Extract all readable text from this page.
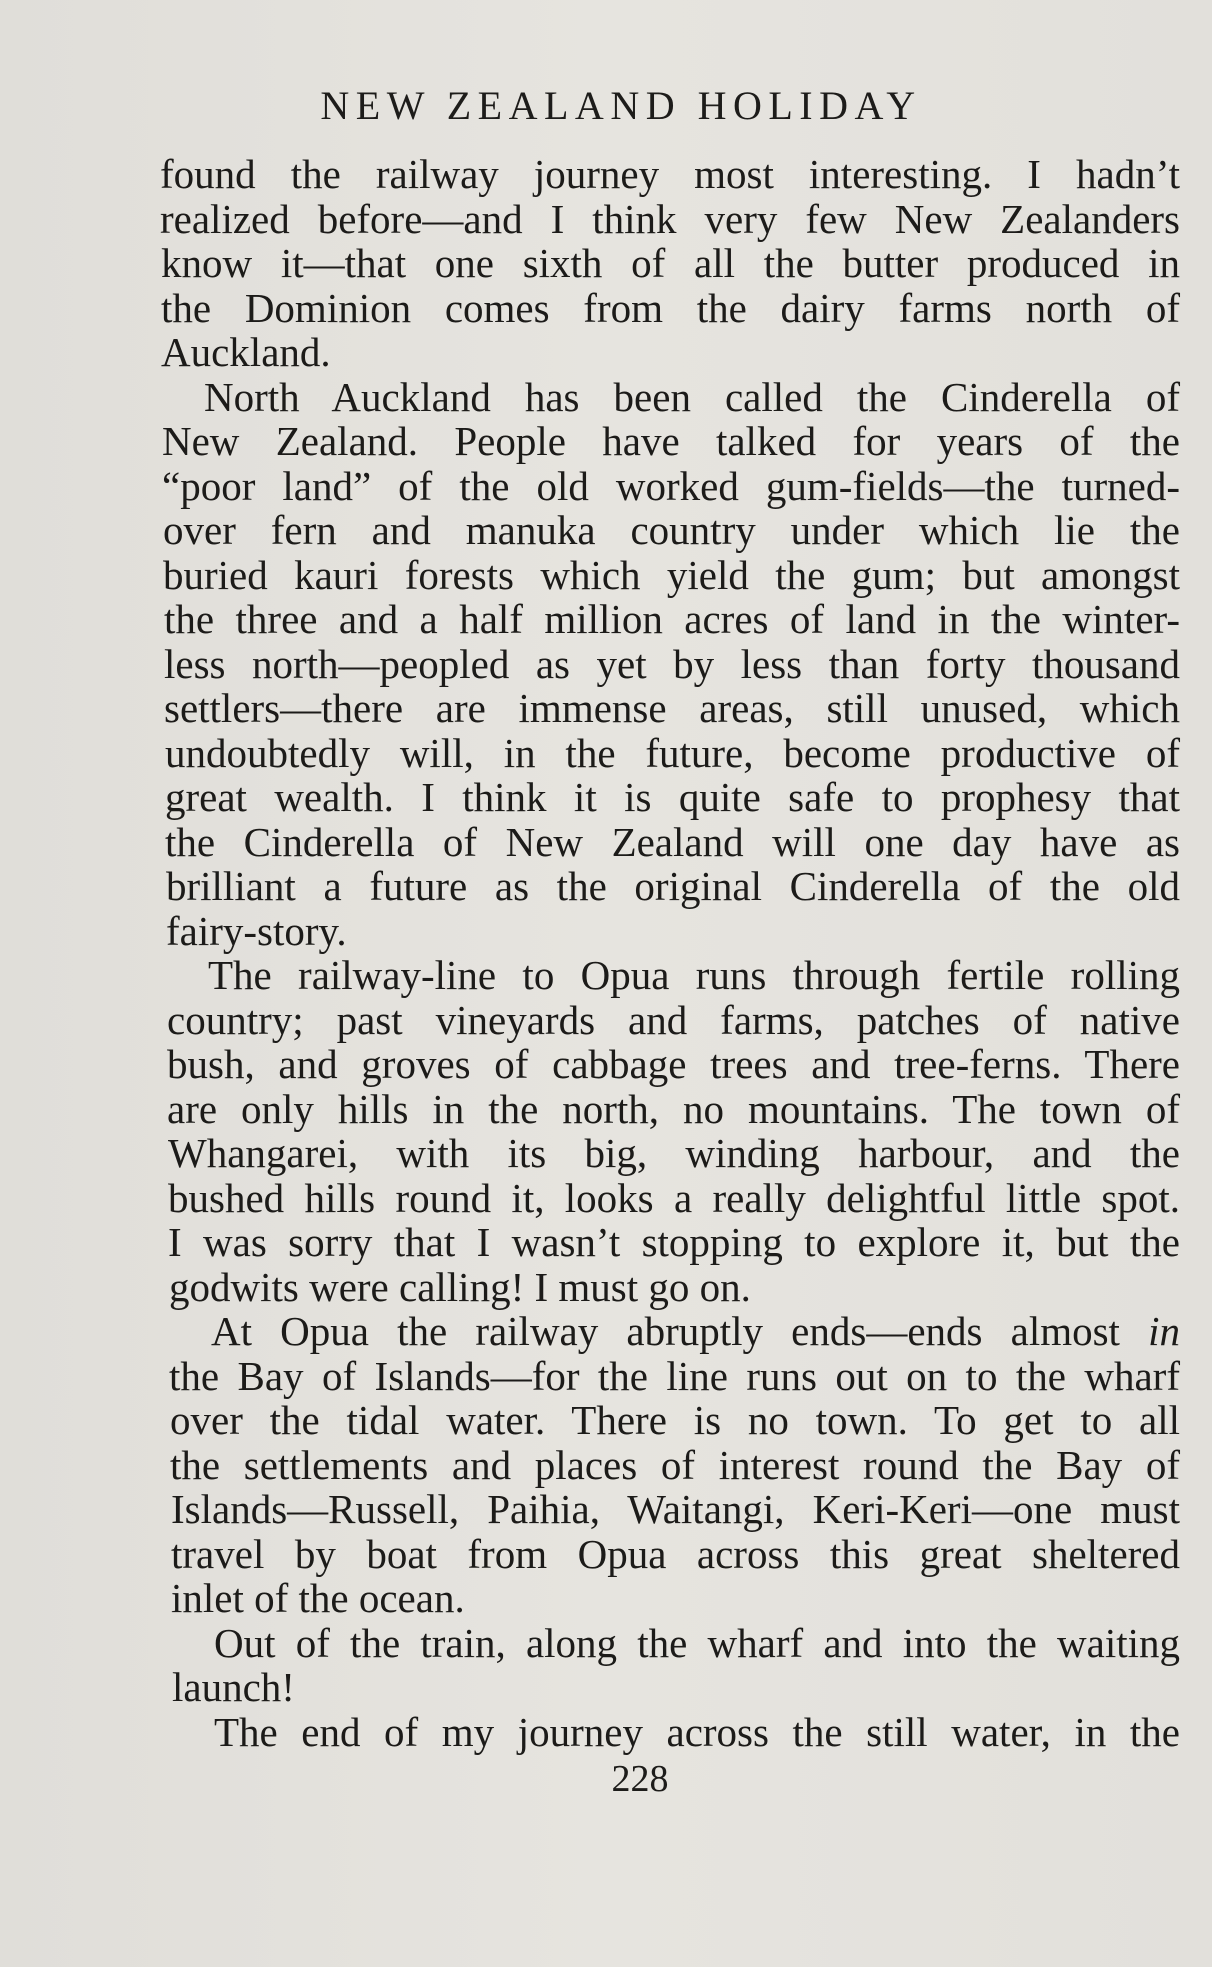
NEW ZEALAND HOLIDAY
found the railway journey most interesting. I hadn’t
realized before—and I think very few New Zealanders
know it—that one sixth of all the butter produced in
the Dominion comes from the dairy farms north of
Auckland.
North Auckland has been called the Cinderella of
New Zealand. People have talked for years of the
“poor land” of the old worked gum-fields—the turned-
over fern and manuka country under which lie the
buried kauri forests which yield the gum; but amongst
the three and a half million acres of land in the winter-
less north—peopled as yet by less than forty thousand
settlers—there are immense areas, still unused, which
undoubtedly will, in the future, become productive of
great wealth. I think it is quite safe to prophesy that
the Cinderella of New Zealand will one day have as
brilliant a future as the original Cinderella of the old
fairy-story.
The railway-line to Opua runs through fertile rolling
country; past vineyards and farms, patches of native
bush, and groves of cabbage trees and tree-ferns. There
are only hills in the north, no mountains. The town of
Whangarei, with its big, winding harbour, and the
bushed hills round it, looks a really delightful little spot.
I was sorry that I wasn’t stopping to explore it, but the
godwits were calling! I must go on.
At Opua the railway abruptly ends—ends almost in
the Bay of Islands—for the line runs out on to the wharf
over the tidal water. There is no town. To get to all
the settlements and places of interest round the Bay of
Islands—Russell, Paihia, Waitangi, Keri-Keri—one must
travel by boat from Opua across this great sheltered
inlet of the ocean.
Out of the train, along the wharf and into the waiting
launch!
The end of my journey across the still water, in the
228
